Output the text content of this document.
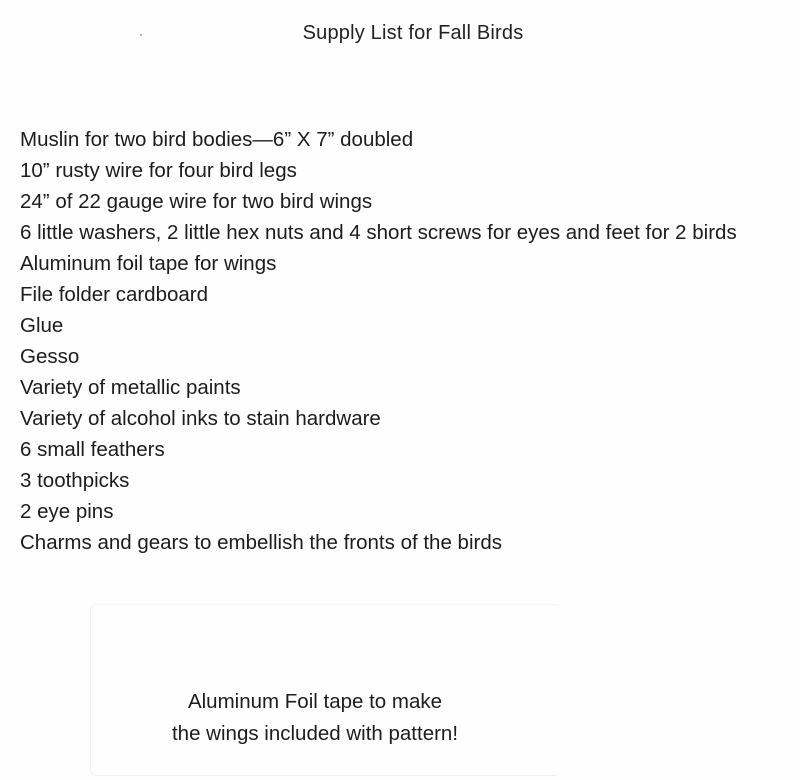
Supply List for Fall Birds
Muslin for two bird bodies—6” X 7” doubled
10” rusty wire for four bird legs
24” of 22 gauge wire for two bird wings
6 little washers, 2 little hex nuts and 4 short screws for eyes and feet for 2 birds
Aluminum foil tape for wings
File folder cardboard
Glue
Gesso
Variety of metallic paints
Variety of alcohol inks to stain hardware
6 small feathers
3 toothpicks
2 eye pins
Charms and gears to embellish the fronts of the birds
Aluminum Foil tape to make
the wings included with pattern!
